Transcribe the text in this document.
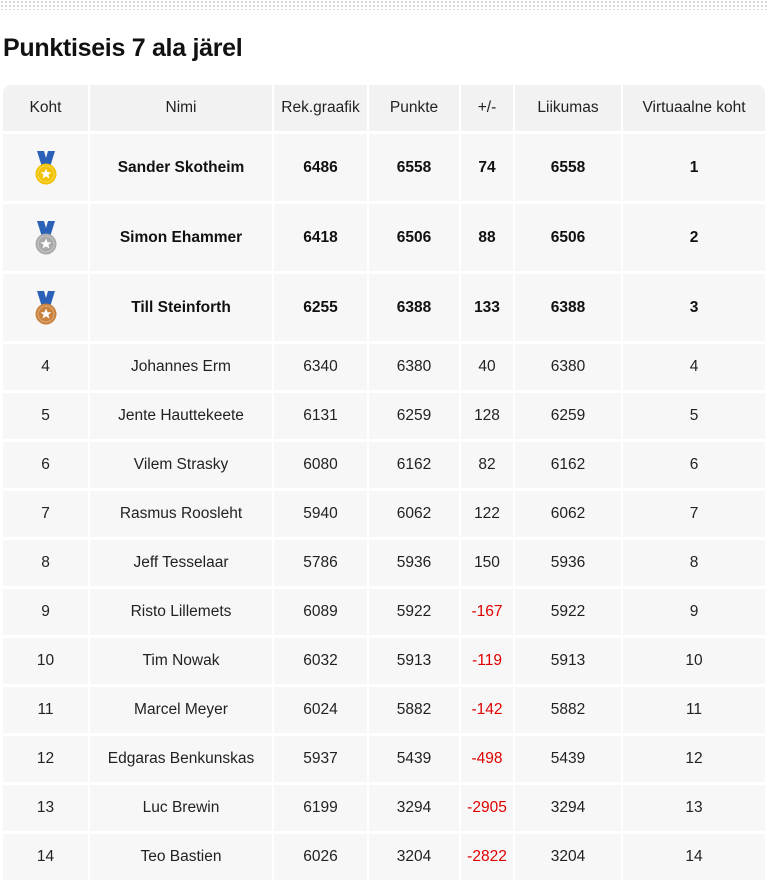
Punktiseis 7 ala järel
Koht	Nimi	Rek.graafik	Punkte	+/-	Liikumas	Virtuaalne koht
	Sander Skotheim	6486	6558	74	6558	1
	Simon Ehammer	6418	6506	88	6506	2
	Till Steinforth	6255	6388	133	6388	3
4	Johannes Erm	6340	6380	40	6380	4
5	Jente Hauttekeete	6131	6259	128	6259	5
6	Vilem Strasky	6080	6162	82	6162	6
7	Rasmus Roosleht	5940	6062	122	6062	7
8	Jeff Tesselaar	5786	5936	150	5936	8
9	Risto Lillemets	6089	5922	-167	5922	9
10	Tim Nowak	6032	5913	-119	5913	10
11	Marcel Meyer	6024	5882	-142	5882	11
12	Edgaras Benkunskas	5937	5439	-498	5439	12
13	Luc Brewin	6199	3294	-2905	3294	13
14	Teo Bastien	6026	3204	-2822	3204	14
